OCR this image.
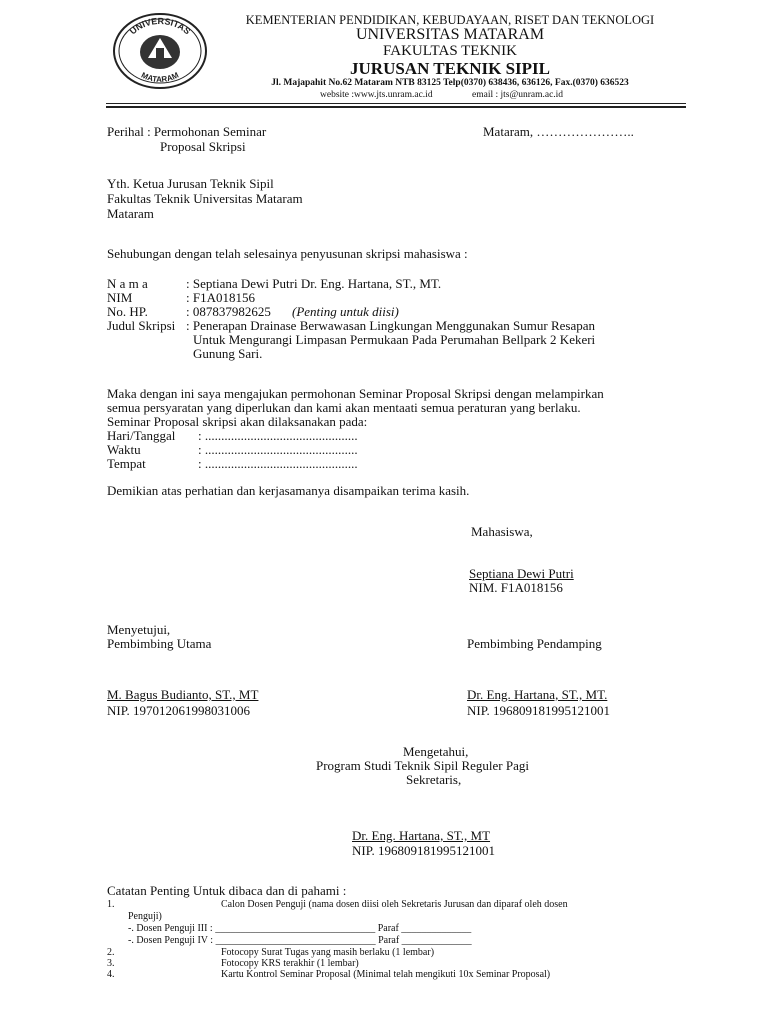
UNIVERSITAS
MATARAM
KEMENTERIAN PENDIDIKAN, KEBUDAYAAN, RISET DAN TEKNOLOGI
UNIVERSITAS MATARAM
FAKULTAS TEKNIK
JURUSAN TEKNIK SIPIL
Jl. Majapahit No.62 Mataram NTB 83125 Telp(0370) 638436, 636126, Fax.(0370) 636523
website :www.jts.unram.ac.id	email : jts@unram.ac.id
Perihal : Permohonan Seminar
Proposal Skripsi
Mataram, …………………..
Yth. Ketua Jurusan Teknik Sipil
Fakultas Teknik Universitas Mataram
Mataram
Sehubungan dengan telah selesainya penyusunan skripsi mahasiswa :
N a m a	: Septiana Dewi Putri Dr. Eng. Hartana, ST., MT.
NIM	: F1A018156
No. HP.	: 087837982625 (Penting untuk diisi)
Judul Skripsi : Penerapan Drainase Berwawasan Lingkungan Menggunakan Sumur Resapan
Untuk Mengurangi Limpasan Permukaan Pada Perumahan Bellpark 2 Kekeri
Gunung Sari.
Maka dengan ini saya mengajukan permohonan Seminar Proposal Skripsi dengan melampirkan
semua persyaratan yang diperlukan dan kami akan mentaati semua peraturan yang berlaku.
Seminar Proposal skripsi akan dilaksanakan pada:
Hari/Tanggal : ...............................................
Waktu	: ...............................................
Tempat	: ...............................................
Demikian atas perhatian dan kerjasamanya disampaikan terima kasih.
Mahasiswa,
Septiana Dewi Putri
NIM. F1A018156
Menyetujui,
Pembimbing Utama	Pembimbing Pendamping
M. Bagus Budianto, ST., MT
NIP. 197012061998031006
Dr. Eng. Hartana, ST., MT.
NIP. 196809181995121001
Mengetahui,
Program Studi Teknik Sipil Reguler Pagi
Sekretaris,
Dr. Eng. Hartana, ST., MT
NIP. 196809181995121001
Catatan Penting Untuk dibaca dan di pahami :
1.	Calon Dosen Penguji (nama dosen diisi oleh Sekretaris Jurusan dan diparaf oleh dosen
Penguji)
-. Dosen Penguji III : ________________________________ Paraf ______________
-. Dosen Penguji IV : ________________________________ Paraf ______________
2.	Fotocopy Surat Tugas yang masih berlaku (1 lembar)
3.	Fotocopy KRS terakhir (1 lembar)
4.	Kartu Kontrol Seminar Proposal (Minimal telah mengikuti 10x Seminar Proposal)
